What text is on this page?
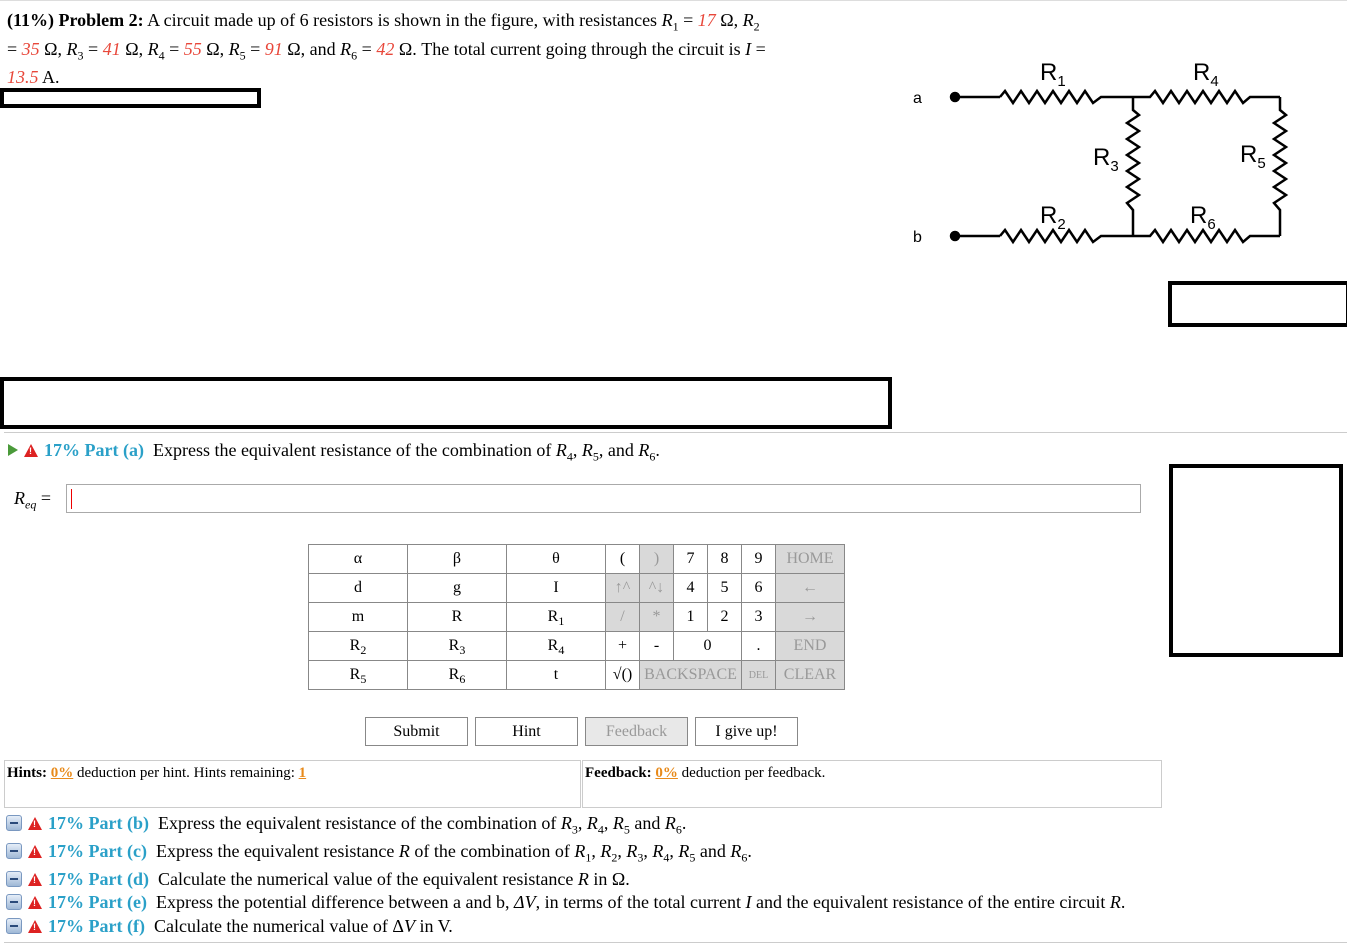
(11%) Problem 2: A circuit made up of 6 resistors is shown in the figure, with resistances $R_1 = 17$ Ω, $R_2$
= 35 Ω, $R_3 = 41$ Ω, $R_4 = 55$ Ω, $R_5 = 91$ Ω, and $R_6 = 42$ Ω. The total current going through the circuit is I =
13.5 A.
a
b
$R_1$	$R_4$
$R_3$	$R_5$
$R_2$	$R_6$
!17% Part (a) Express the equivalent resistance of the combination of $R_4$, $R_5$, and $R_6$.
$R_{eq}$ =
α	β	θ	(	)	7	8	9	HOME
d	g	I	↑^	^↓	4	5	6	←
m	R	$R_1$	/	*	1	2	3	→
$R_2$	$R_3$	$R_4$	+	-	0		.	END
$R_5$	$R_6$	t	√()	BACKSPACE			DEL	CLEAR
Submit	Hint	Feedback	I give up!
Hints: 0% deduction per hint. Hints remaining: 1	Feedback: 0% deduction per feedback.
!17% Part (b) Express the equivalent resistance of the combination of $R_3$, $R_4$, $R_5$ and $R_6$.
!17% Part (c) Express the equivalent resistance R of the combination of $R_1$, $R_2$, $R_3$, $R_4$, $R_5$ and $R_6$.
!17% Part (d) Calculate the numerical value of the equivalent resistance R in Ω.
!17% Part (e) Express the potential difference between a and b, ΔV, in terms of the total current I and the equivalent resistance of the entire circuit R.
!17% Part (f) Calculate the numerical value of ΔV in V.
